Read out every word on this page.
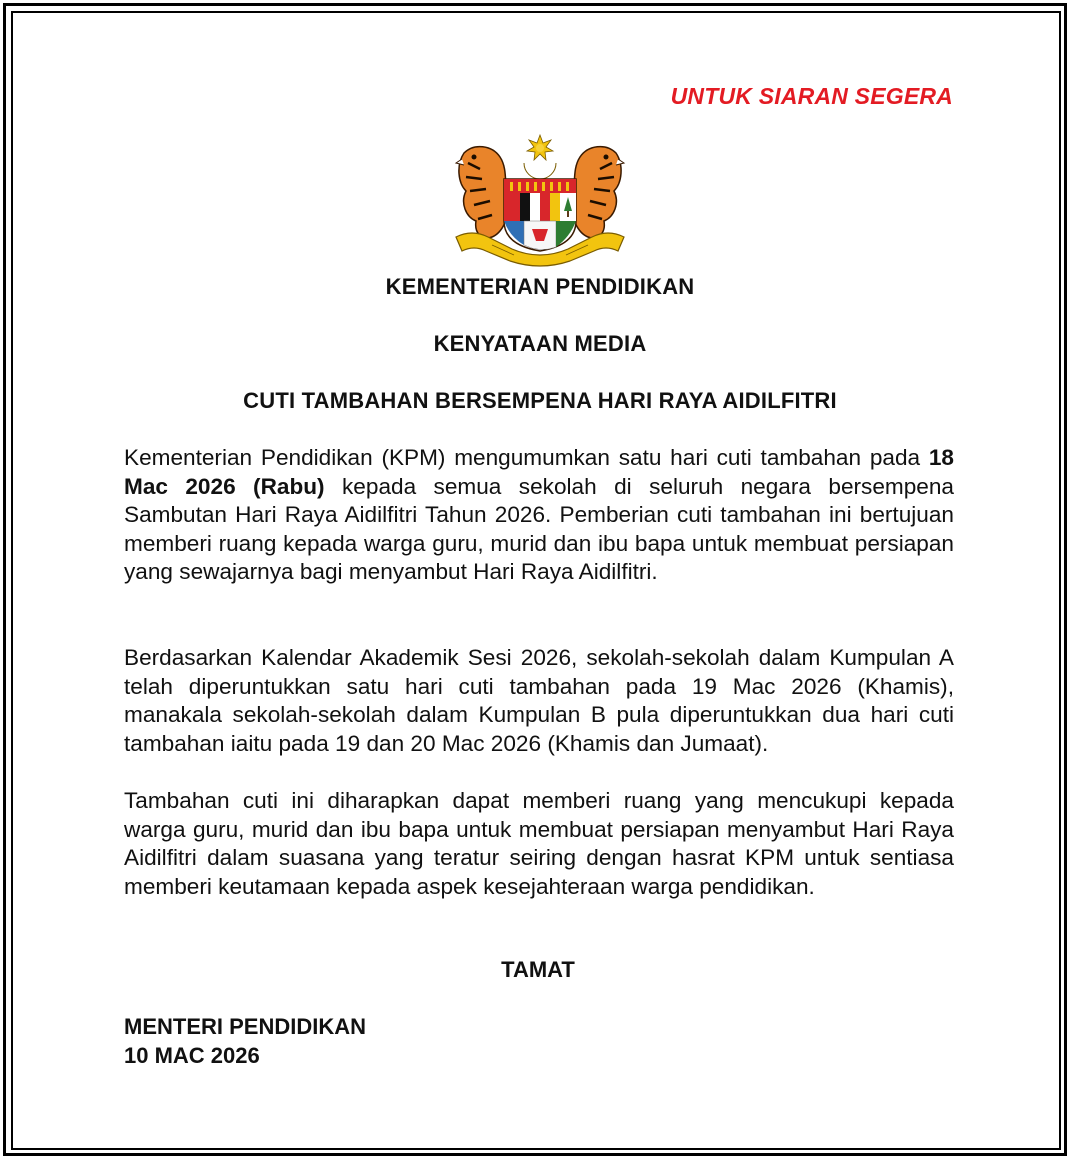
UNTUK SIARAN SEGERA
KEMENTERIAN PENDIDIKAN
KENYATAAN MEDIA
CUTI TAMBAHAN BERSEMPENA HARI RAYA AIDILFITRI

Kementerian Pendidikan (KPM) mengumumkan satu hari cuti tambahan pada 18 Mac 2026 (Rabu) kepada semua sekolah di seluruh negara bersempena Sambutan Hari Raya Aidilfitri Tahun 2026. Pemberian cuti tambahan ini bertujuan memberi ruang kepada warga guru, murid dan ibu bapa untuk membuat persiapan yang sewajarnya bagi menyambut Hari Raya Aidilfitri.

Berdasarkan Kalendar Akademik Sesi 2026, sekolah-sekolah dalam Kumpulan A telah diperuntukkan satu hari cuti tambahan pada 19 Mac 2026 (Khamis), manakala sekolah-sekolah dalam Kumpulan B pula diperuntukkan dua hari cuti tambahan iaitu pada 19 dan 20 Mac 2026 (Khamis dan Jumaat).

Tambahan cuti ini diharapkan dapat memberi ruang yang mencukupi kepada warga guru, murid dan ibu bapa untuk membuat persiapan menyambut Hari Raya Aidilfitri dalam suasana yang teratur seiring dengan hasrat KPM untuk sentiasa memberi keutamaan kepada aspek kesejahteraan warga pendidikan.

TAMAT
MENTERI PENDIDIKAN
10 MAC 2026
